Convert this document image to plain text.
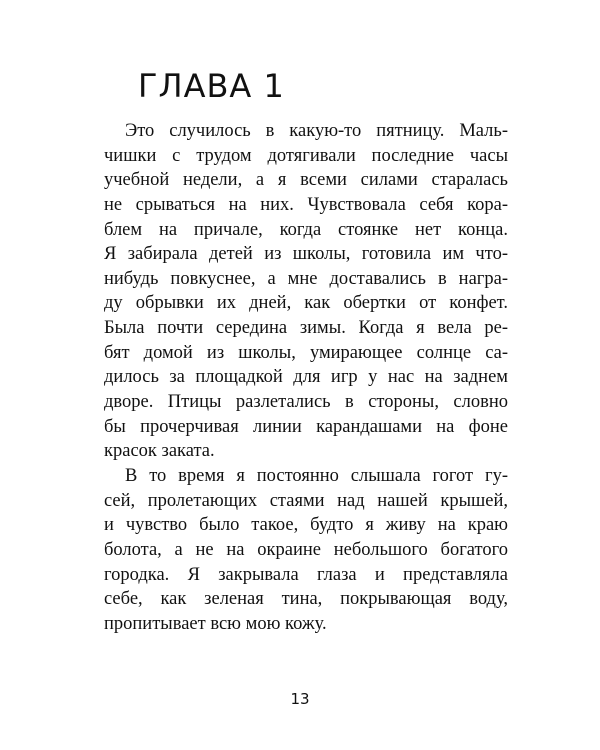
ГЛАВА 1
Это случилось в какую-то пятницу. Маль-
чишки с трудом дотягивали последние часы
учебной недели, а я всеми силами старалась
не срываться на них. Чувствовала себя кора-
блем на причале, когда стоянке нет конца.
Я забирала детей из школы, готовила им что-
нибудь повкуснее, а мне доставались в награ-
ду обрывки их дней, как обертки от конфет.
Была почти середина зимы. Когда я вела ре-
бят домой из школы, умирающее солнце са-
дилось за площадкой для игр у нас на заднем
дворе. Птицы разлетались в стороны, словно
бы прочерчивая линии карандашами на фоне
красок заката.
В то время я постоянно слышала гогот гу-
сей, пролетающих стаями над нашей крышей,
и чувство было такое, будто я живу на краю
болота, а не на окраине небольшого богатого
городка. Я закрывала глаза и представляла
себе, как зеленая тина, покрывающая воду,
пропитывает всю мою кожу.
13
